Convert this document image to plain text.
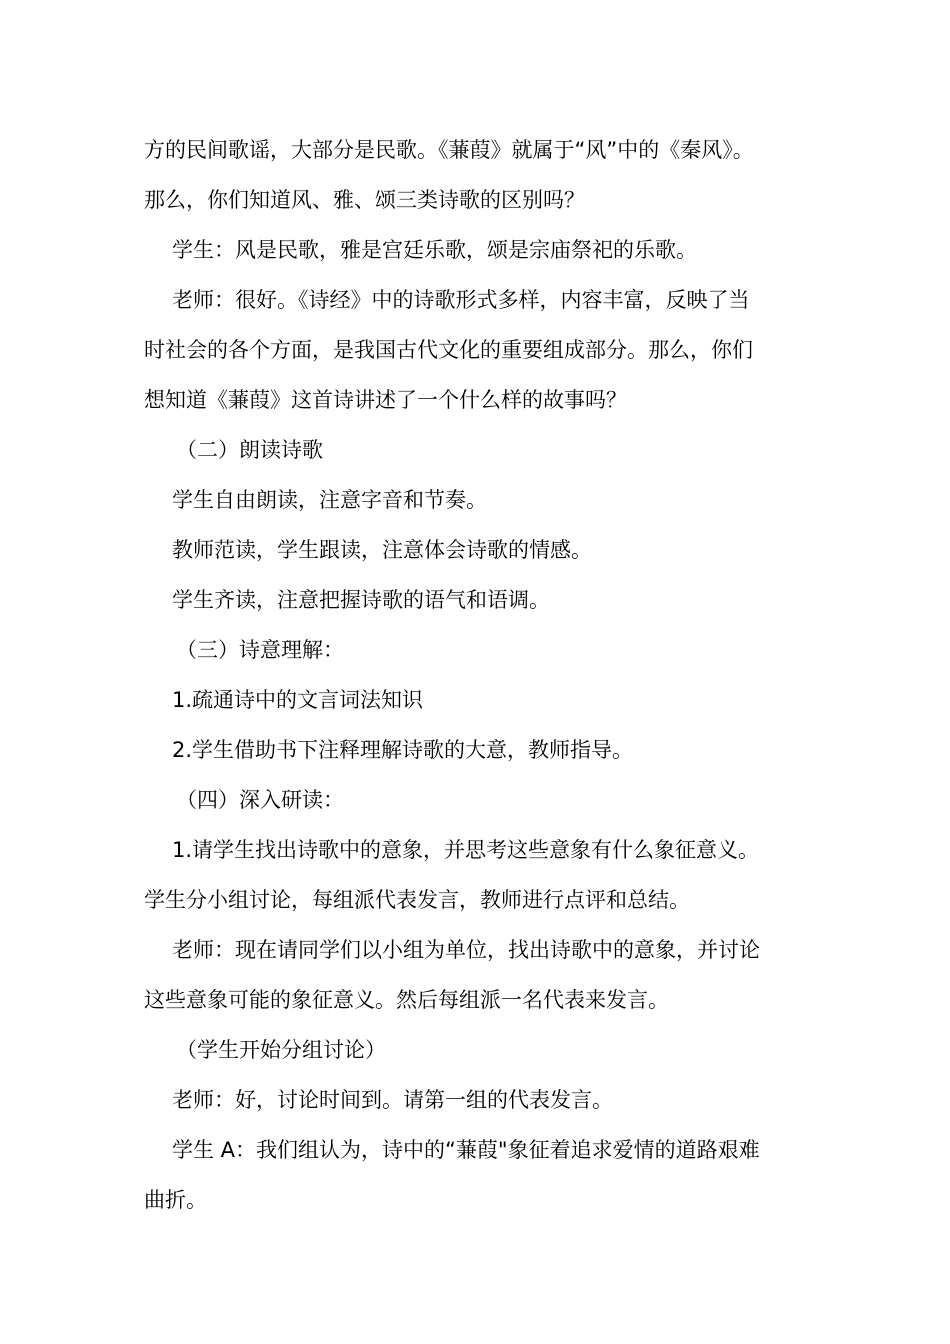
方的民间歌谣，大部分是民歌。《蒹葭》就属于“风”中的《秦风》。
那么，你们知道风、雅、颂三类诗歌的区别吗？
学生：风是民歌，雅是宫廷乐歌，颂是宗庙祭祀的乐歌。
老师：很好。《诗经》中的诗歌形式多样，内容丰富，反映了当
时社会的各个方面，是我国古代文化的重要组成部分。那么，你们
想知道《蒹葭》这首诗讲述了一个什么样的故事吗？
（二）朗读诗歌
学生自由朗读，注意字音和节奏。
教师范读，学生跟读，注意体会诗歌的情感。
学生齐读，注意把握诗歌的语气和语调。
（三）诗意理解：
1.疏通诗中的文言词法知识
2.学生借助书下注释理解诗歌的大意，教师指导。
（四）深入研读：
1.请学生找出诗歌中的意象，并思考这些意象有什么象征意义。
学生分小组讨论，每组派代表发言，教师进行点评和总结。
老师：现在请同学们以小组为单位，找出诗歌中的意象，并讨论
这些意象可能的象征意义。然后每组派一名代表来发言。
（学生开始分组讨论）
老师：好，讨论时间到。请第一组的代表发言。
学生 A：我们组认为，诗中的“蒹葭"象征着追求爱情的道路艰难
曲折。
